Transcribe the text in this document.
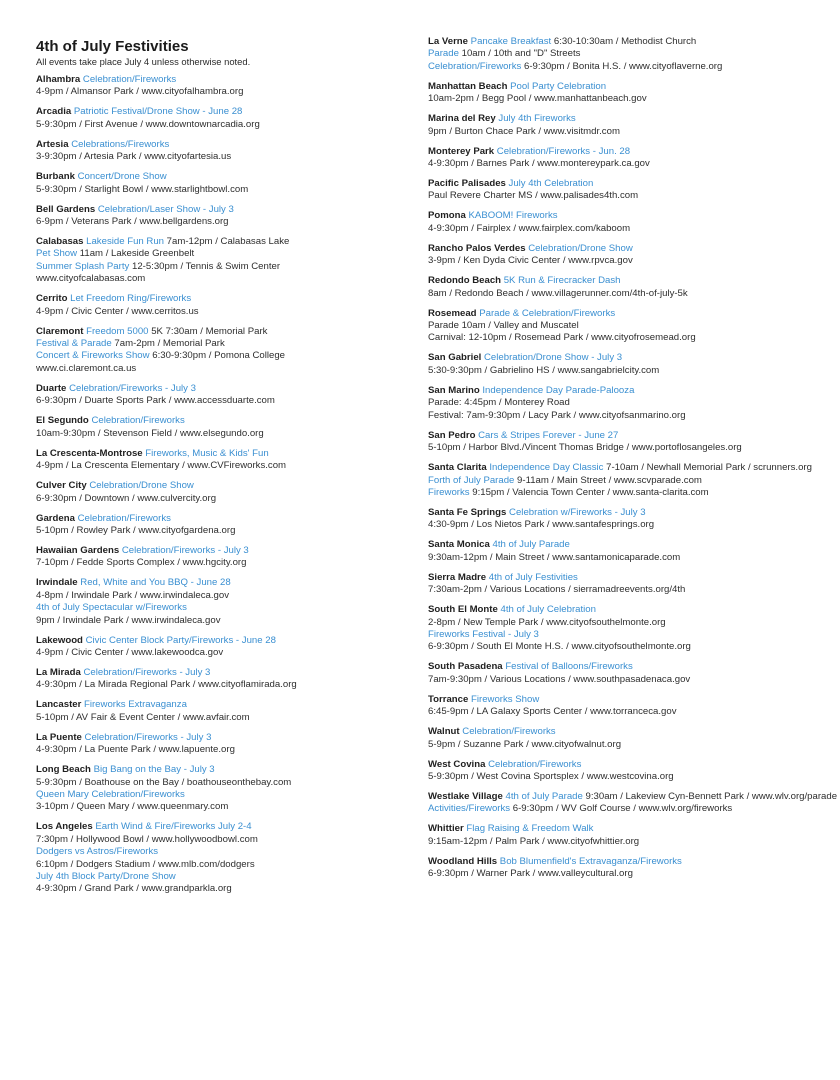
4th of July Festivities
All events take place July 4 unless otherwise noted.
Alhambra Celebration/Fireworks
4-9pm / Almansor Park / www.cityofalhambra.org
Arcadia Patriotic Festival/Drone Show - June 28
5-9:30pm / First Avenue / www.downtownarcadia.org
Artesia Celebrations/Fireworks
3-9:30pm / Artesia Park / www.cityofartesia.us
Burbank Concert/Drone Show
5-9:30pm / Starlight Bowl / www.starlightbowl.com
Bell Gardens Celebration/Laser Show - July 3
6-9pm / Veterans Park / www.bellgardens.org
Calabasas Lakeside Fun Run 7am-12pm / Calabasas Lake
Pet Show 11am / Lakeside Greenbelt
Summer Splash Party 12-5:30pm / Tennis & Swim Center
www.cityofcalabasas.com
Cerrito Let Freedom Ring/Fireworks
4-9pm / Civic Center / www.cerritos.us
Claremont Freedom 5000 5K 7:30am / Memorial Park
Festival & Parade 7am-2pm / Memorial Park
Concert & Fireworks Show 6:30-9:30pm / Pomona College
www.ci.claremont.ca.us
Duarte Celebration/Fireworks - July 3
6-9:30pm / Duarte Sports Park / www.accessduarte.com
El Segundo Celebration/Fireworks
10am-9:30pm / Stevenson Field / www.elsegundo.org
La Crescenta-Montrose Fireworks, Music & Kids' Fun
4-9pm / La Crescenta Elementary / www.CVFireworks.com
Culver City Celebration/Drone Show
6-9:30pm / Downtown / www.culvercity.org
Gardena Celebration/Fireworks
5-10pm / Rowley Park / www.cityofgardena.org
Hawaiian Gardens Celebration/Fireworks - July 3
7-10pm / Fedde Sports Complex / www.hgcity.org
Irwindale Red, White and You BBQ - June 28
4-8pm / Irwindale Park / www.irwindaleca.gov
4th of July Spectacular w/Fireworks
9pm / Irwindale Park / www.irwindaleca.gov
Lakewood Civic Center Block Party/Fireworks - June 28
4-9pm / Civic Center / www.lakewoodca.gov
La Mirada Celebration/Fireworks - July 3
4-9:30pm / La Mirada Regional Park / www.cityoflamirada.org
Lancaster Fireworks Extravaganza
5-10pm / AV Fair & Event Center / www.avfair.com
La Puente Celebration/Fireworks - July 3
4-9:30pm / La Puente Park / www.lapuente.org
Long Beach Big Bang on the Bay - July 3
5-9:30pm / Boathouse on the Bay / boathouseonthebay.com
Queen Mary Celebration/Fireworks
3-10pm / Queen Mary / www.queenmary.com
Los Angeles Earth Wind & Fire/Fireworks July 2-4
7:30pm / Hollywood Bowl / www.hollywoodbowl.com
Dodgers vs Astros/Fireworks
6:10pm / Dodgers Stadium / www.mlb.com/dodgers
July 4th Block Party/Drone Show
4-9:30pm / Grand Park / www.grandparkla.org
La Verne Pancake Breakfast 6:30-10:30am / Methodist Church
Parade 10am / 10th and "D" Streets
Celebration/Fireworks 6-9:30pm / Bonita H.S. / www.cityoflaverne.org
Manhattan Beach Pool Party Celebration
10am-2pm / Begg Pool / www.manhattanbeach.gov
Marina del Rey July 4th Fireworks
9pm / Burton Chace Park / www.visitmdr.com
Monterey Park Celebration/Fireworks - Jun. 28
4-9:30pm / Barnes Park / www.montereypark.ca.gov
Pacific Palisades July 4th Celebration
Paul Revere Charter MS / www.palisades4th.com
Pomona KABOOM! Fireworks
4-9:30pm / Fairplex / www.fairplex.com/kaboom
Rancho Palos Verdes Celebration/Drone Show
3-9pm / Ken Dyda Civic Center / www.rpvca.gov
Redondo Beach 5K Run & Firecracker Dash
8am / Redondo Beach / www.villagerunner.com/4th-of-july-5k
Rosemead Parade & Celebration/Fireworks
Parade 10am / Valley and Muscatel
Carnival: 12-10pm / Rosemead Park / www.cityofrosemead.org
San Gabriel Celebration/Drone Show - July 3
5:30-9:30pm / Gabrielino HS / www.sangabrielcity.com
San Marino Independence Day Parade-Palooza
Parade: 4:45pm / Monterey Road
Festival: 7am-9:30pm / Lacy Park / www.cityofsanmarino.org
San Pedro Cars & Stripes Forever - June 27
5-10pm / Harbor Blvd./Vincent Thomas Bridge / www.portoflosangeles.org
Santa Clarita Independence Day Classic 7-10am / Newhall Memorial Park / scrunners.org
Forth of July Parade 9-11am / Main Street / www.scvparade.com
Fireworks 9:15pm / Valencia Town Center / www.santa-clarita.com
Santa Fe Springs Celebration w/Fireworks - July 3
4:30-9pm / Los Nietos Park / www.santafesprings.org
Santa Monica 4th of July Parade
9:30am-12pm / Main Street / www.santamonicaparade.com
Sierra Madre 4th of July Festivities
7:30am-2pm / Various Locations / sierramadreevents.org/4th
South El Monte 4th of July Celebration
2-8pm / New Temple Park / www.cityofsouthelmonte.org
Fireworks Festival - July 3
6-9:30pm / South El Monte H.S. / www.cityofsouthelmonte.org
South Pasadena Festival of Balloons/Fireworks
7am-9:30pm / Various Locations / www.southpasadenaca.gov
Torrance Fireworks Show
6:45-9pm / LA Galaxy Sports Center / www.torranceca.gov
Walnut Celebration/Fireworks
5-9pm / Suzanne Park / www.cityofwalnut.org
West Covina Celebration/Fireworks
5-9:30pm / West Covina Sportsplex / www.westcovina.org
Westlake Village 4th of July Parade 9:30am / Lakeview Cyn-Bennett Park / www.wlv.org/parade
Activities/Fireworks 6-9:30pm / WV Golf Course / www.wlv.org/fireworks
Whittier Flag Raising & Freedom Walk
9:15am-12pm / Palm Park / www.cityofwhittier.org
Woodland Hills Bob Blumenfield's Extravaganza/Fireworks
6-9:30pm / Warner Park / www.valleycultural.org
